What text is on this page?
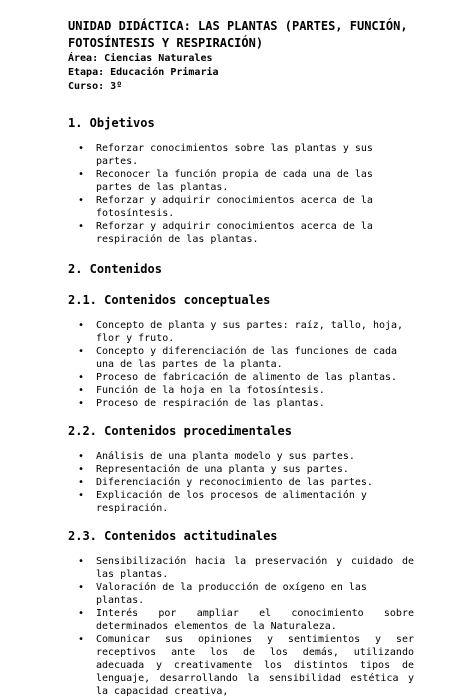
UNIDAD DIDÁCTICA: LAS PLANTAS (PARTES, FUNCIÓN, FOTOSÍNTESIS Y RESPIRACIÓN)
Área: Ciencias Naturales
Etapa: Educación Primaria
Curso: 3º
1. Objetivos
• Reforzar conocimientos sobre las plantas y sus partes.
• Reconocer la función propia de cada una de las partes de las plantas.
• Reforzar y adquirir conocimientos acerca de la fotosíntesis.
• Reforzar y adquirir conocimientos acerca de la respiración de las plantas.
2. Contenidos
2.1. Contenidos conceptuales
• Concepto de planta y sus partes: raíz, tallo, hoja, flor y fruto.
• Concepto y diferenciación de las funciones de cada una de las partes de la planta.
• Proceso de fabricación de alimento de las plantas.
• Función de la hoja en la fotosíntesis.
• Proceso de respiración de las plantas.
2.2. Contenidos procedimentales
• Análisis de una planta modelo y sus partes.
• Representación de una planta y sus partes.
• Diferenciación y reconocimiento de las partes.
• Explicación de los procesos de alimentación y respiración.
2.3. Contenidos actitudinales
• Sensibilización hacia la preservación y cuidado de las plantas.
• Valoración de la producción de oxígeno en las plantas.
• Interés por ampliar el conocimiento sobre determinados elementos de la Naturaleza.
• Comunicar sus opiniones y sentimientos y ser receptivos ante los de los demás, utilizando adecuada y creativamente los distintos tipos de lenguaje, desarrollando la sensibilidad estética y la capacidad creativa,
